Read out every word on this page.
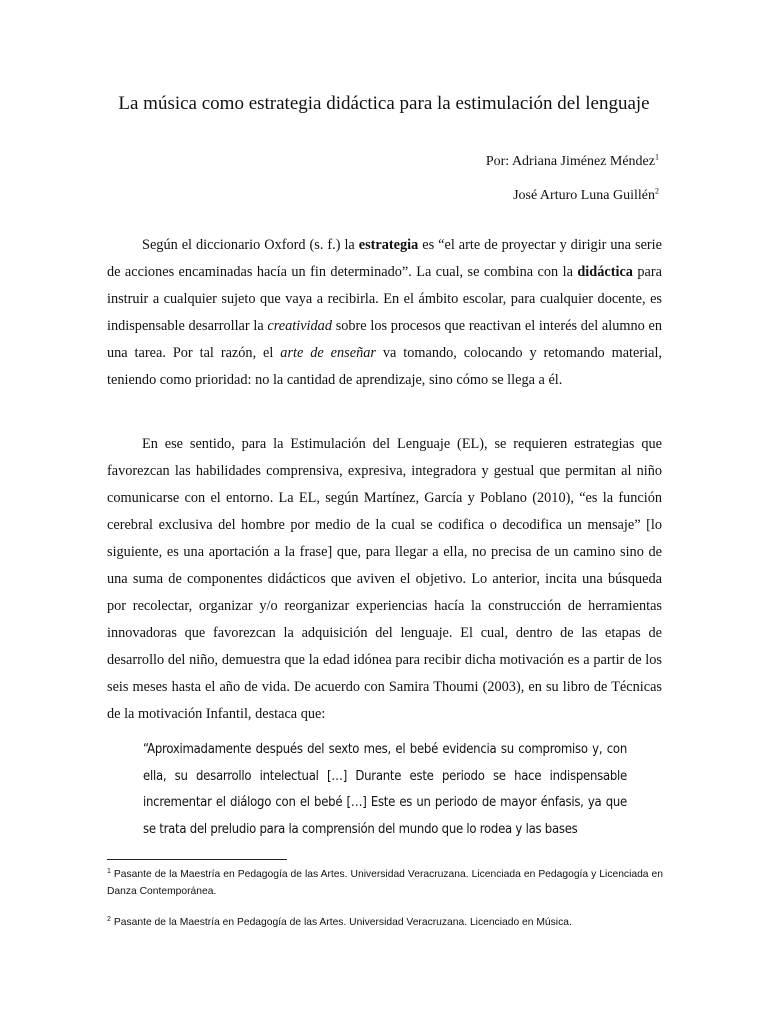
La música como estrategia didáctica para la estimulación del lenguaje
Por: Adriana Jiménez Méndez$^1$
José Arturo Luna Guillén$^2$

Según el diccionario Oxford (s. f.) la estrategia es “el arte de proyectar y dirigir una serie de acciones encaminadas hacía un fin determinado”. La cual, se combina con la didáctica para instruir a cualquier sujeto que vaya a recibirla. En el ámbito escolar, para cualquier docente, es indispensable desarrollar la creatividad sobre los procesos que reactivan el interés del alumno en una tarea. Por tal razón, el arte de enseñar va tomando, colocando y retomando material, teniendo como prioridad: no la cantidad de aprendizaje, sino cómo se llega a él.

En ese sentido, para la Estimulación del Lenguaje (EL), se requieren estrategias que favorezcan las habilidades comprensiva, expresiva, integradora y gestual que permitan al niño comunicarse con el entorno. La EL, según Martínez, García y Poblano (2010), “es la función cerebral exclusiva del hombre por medio de la cual se codifica o decodifica un mensaje” [lo siguiente, es una aportación a la frase] que, para llegar a ella, no precisa de un camino sino de una suma de componentes didácticos que aviven el objetivo. Lo anterior, incita una búsqueda por recolectar, organizar y/o reorganizar experiencias hacía la construcción de herramientas innovadoras que favorezcan la adquisición del lenguaje. El cual, dentro de las etapas de desarrollo del niño, demuestra que la edad idónea para recibir dicha motivación es a partir de los seis meses hasta el año de vida. De acuerdo con Samira Thoumi (2003), en su libro de Técnicas de la motivación Infantil, destaca que:

“Aproximadamente después del sexto mes, el bebé evidencia su compromiso y, con ella, su desarrollo intelectual […] Durante este periodo se hace indispensable incrementar el diálogo con el bebé […] Este es un periodo de mayor énfasis, ya que se trata del preludio para la comprensión del mundo que lo rodea y las bases

$^1$ Pasante de la Maestría en Pedagogía de las Artes. Universidad Veracruzana. Licenciada en Pedagogía y Licenciada en Danza Contemporánea.

$^2$ Pasante de la Maestría en Pedagogía de las Artes. Universidad Veracruzana. Licenciado en Música.
